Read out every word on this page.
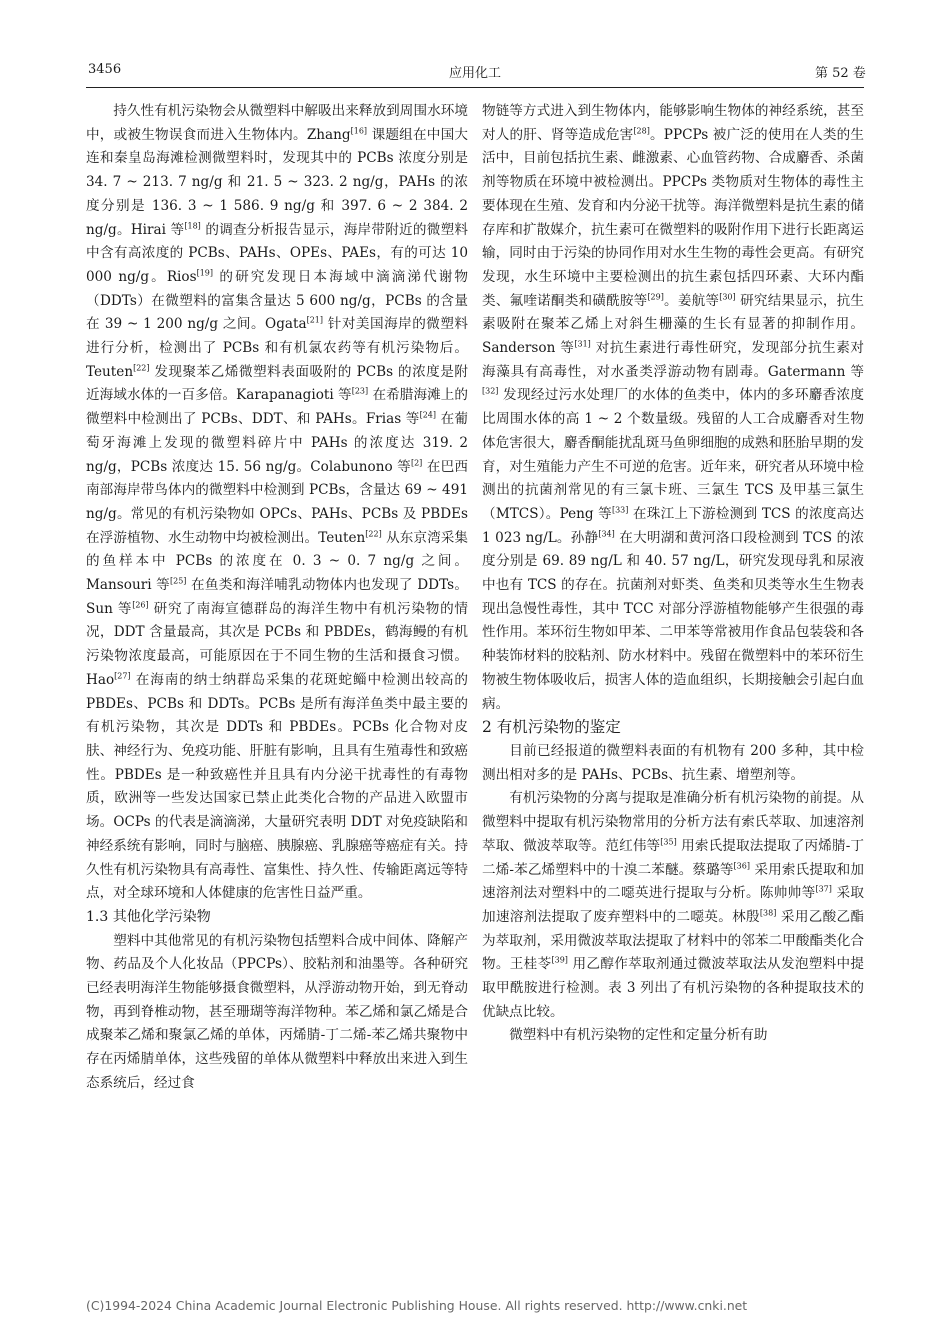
3456	应用化工	第 52 卷

持久性有机污染物会从微塑料中解吸出来释放到周围水环境中，或被生物误食而进入生物体内。Zhang[16] 课题组在中国大连和秦皇岛海滩检测微塑料时，发现其中的 PCBs 浓度分别是 34. 7 ~ 213. 7 ng/g 和 21. 5 ~ 323. 2 ng/g，PAHs 的浓度分别是 136. 3 ~ 1 586. 9 ng/g 和 397. 6 ~ 2 384. 2 ng/g。Hirai 等[18] 的调查分析报告显示，海岸带附近的微塑料中含有高浓度的 PCBs、PAHs、OPEs、PAEs，有的可达 10 000 ng/g。Rios[19] 的研究发现日本海域中滴滴涕代谢物（DDTs）在微塑料的富集含量达 5 600 ng/g，PCBs 的含量在 39 ~ 1 200 ng/g 之间。Ogata[21] 针对美国海岸的微塑料进行分析，检测出了 PCBs 和有机氯农药等有机污染物后。Teuten[22] 发现聚苯乙烯微塑料表面吸附的 PCBs 的浓度是附近海域水体的一百多倍。Karapanagioti 等[23] 在希腊海滩上的微塑料中检测出了 PCBs、DDT、和 PAHs。Frias 等[24] 在葡萄牙海滩上发现的微塑料碎片中 PAHs 的浓度达 319. 2 ng/g，PCBs 浓度达 15. 56 ng/g。Colabunono 等[2] 在巴西南部海岸带鸟体内的微塑料中检测到 PCBs，含量达 69 ~ 491 ng/g。常见的有机污染物如 OPCs、PAHs、PCBs 及 PBDEs 在浮游植物、水生动物中均被检测出。Teuten[22] 从东京湾采集的鱼样本中 PCBs 的浓度在 0. 3 ~ 0. 7 ng/g 之间。Mansouri 等[25] 在鱼类和海洋哺乳动物体内也发现了 DDTs。Sun 等[26] 研究了南海宣德群岛的海洋生物中有机污染物的情况，DDT 含量最高，其次是 PCBs 和 PBDEs，鹤海鳗的有机污染物浓度最高，可能原因在于不同生物的生活和摄食习惯。Hao[27] 在海南的纳士纳群岛采集的花斑蛇鲻中检测出较高的 PBDEs、PCBs 和 DDTs。PCBs 是所有海洋鱼类中最主要的有机污染物，其次是 DDTs 和 PBDEs。PCBs 化合物对皮肤、神经行为、免疫功能、肝脏有影响，且具有生殖毒性和致癌性。PBDEs 是一种致癌性并且具有内分泌干扰毒性的有毒物质，欧洲等一些发达国家已禁止此类化合物的产品进入欧盟市场。OCPs 的代表是滴滴涕，大量研究表明 DDT 对免疫缺陷和神经系统有影响，同时与脑癌、胰腺癌、乳腺癌等癌症有关。持久性有机污染物具有高毒性、富集性、持久性、传输距离远等特点，对全球环境和人体健康的危害性日益严重。

1.3 其他化学污染物

塑料中其他常见的有机污染物包括塑料合成中间体、降解产物、药品及个人化妆品（PPCPs）、胶粘剂和油墨等。各种研究已经表明海洋生物能够摄食微塑料，从浮游动物开始，到无脊动物，再到脊椎动物，甚至珊瑚等海洋物种。苯乙烯和氯乙烯是合成聚苯乙烯和聚氯乙烯的单体，丙烯腈-丁二烯-苯乙烯共聚物中存在丙烯腈单体，这些残留的单体从微塑料中释放出来进入到生态系统后，经过食

物链等方式进入到生物体内，能够影响生物体的神经系统，甚至对人的肝、肾等造成危害[28]。PPCPs 被广泛的使用在人类的生活中，目前包括抗生素、雌激素、心血管药物、合成麝香、杀菌剂等物质在环境中被检测出。PPCPs 类物质对生物体的毒性主要体现在生殖、发育和内分泌干扰等。海洋微塑料是抗生素的储存库和扩散媒介，抗生素可在微塑料的吸附作用下进行长距离运输，同时由于污染的协同作用对水生生物的毒性会更高。有研究发现，水生环境中主要检测出的抗生素包括四环素、大环内酯类、氟喹诺酮类和磺酰胺等[29]。姜航等[30] 研究结果显示，抗生素吸附在聚苯乙烯上对斜生栅藻的生长有显著的抑制作用。Sanderson 等[31] 对抗生素进行毒性研究，发现部分抗生素对海藻具有高毒性，对水蚤类浮游动物有剧毒。Gatermann 等[32] 发现经过污水处理厂的水体的鱼类中，体内的多环麝香浓度比周围水体的高 1 ~ 2 个数量级。残留的人工合成麝香对生物体危害很大，麝香酮能扰乱斑马鱼卵细胞的成熟和胚胎早期的发育，对生殖能力产生不可逆的危害。近年来，研究者从环境中检测出的抗菌剂常见的有三氯卡班、三氯生 TCS 及甲基三氯生（MTCS）。Peng 等[33] 在珠江上下游检测到 TCS 的浓度高达 1 023 ng/L。孙静[34] 在大明湖和黄河洛口段检测到 TCS 的浓度分别是 69. 89 ng/L 和 40. 57 ng/L，研究发现母乳和尿液中也有 TCS 的存在。抗菌剂对虾类、鱼类和贝类等水生生物表现出急慢性毒性，其中 TCC 对部分浮游植物能够产生很强的毒性作用。苯环衍生物如甲苯、二甲苯等常被用作食品包装袋和各种装饰材料的胶粘剂、防水材料中。残留在微塑料中的苯环衍生物被生物体吸收后，损害人体的造血组织，长期接触会引起白血病。

2 有机污染物的鉴定

目前已经报道的微塑料表面的有机物有 200 多种，其中检测出相对多的是 PAHs、PCBs、抗生素、增塑剂等。

有机污染物的分离与提取是准确分析有机污染物的前提。从微塑料中提取有机污染物常用的分析方法有索氏萃取、加速溶剂萃取、微波萃取等。范红伟等[35] 用索氏提取法提取了丙烯腈-丁二烯-苯乙烯塑料中的十溴二苯醚。蔡璐等[36] 采用索氏提取和加速溶剂法对塑料中的二噁英进行提取与分析。陈帅帅等[37] 采取加速溶剂法提取了废弃塑料中的二噁英。林殷[38] 采用乙酸乙酯为萃取剂，采用微波萃取法提取了材料中的邻苯二甲酸酯类化合物。王桂苓[39] 用乙醇作萃取剂通过微波萃取法从发泡塑料中提取甲酰胺进行检测。表 3 列出了有机污染物的各种提取技术的优缺点比较。

微塑料中有机污染物的定性和定量分析有助

(C)1994-2024 China Academic Journal Electronic Publishing House. All rights reserved. http://www.cnki.net
